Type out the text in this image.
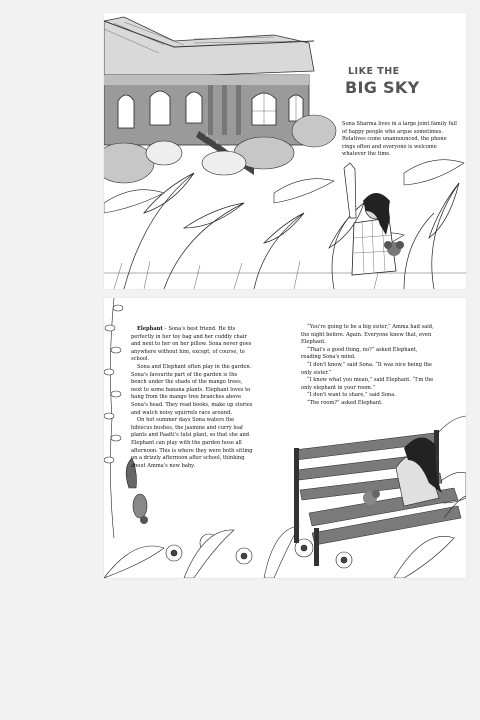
LIKE THE
BIG SKY
Sona Sharma lives in a large joint family full of happy people who argue sometimes. Relatives come unannounced, the phone rings often and everyone is welcome whatever the time.

Elephant – Sona's best friend. He fits perfectly in her toy bag and her cuddly chair and next to her on her pillow. Sona never goes anywhere without him, except, of course, to school.

Sona and Elephant often play in the garden. Sona's favourite part of the garden is the bench under the shade of the mango trees, next to some banana plants. Elephant loves to hang from the mango tree branches above Sona's head. They read books, make up stories and watch noisy squirrels race around.

On hot summer days Sona waters the hibiscus bushes, the jasmine and curry leaf plants and Paatti's tulsi plant, so that she and Elephant can play with the garden hose all afternoon. This is where they were both sitting on a drizzly afternoon after school, thinking about Amma's new baby.

“You're going to be a big sister,” Amma had said, the night before. Again. Everyone knew that, even Elephant.

“That's a good thing, no?” asked Elephant, reading Sona's mind.

“I don't know,” said Sona. “It was nice being the only sister.”

“I know what you mean,” said Elephant. “I'm the only elephant in your room.”

“I don't want to share,” said Sona.

“The room?” asked Elephant.
